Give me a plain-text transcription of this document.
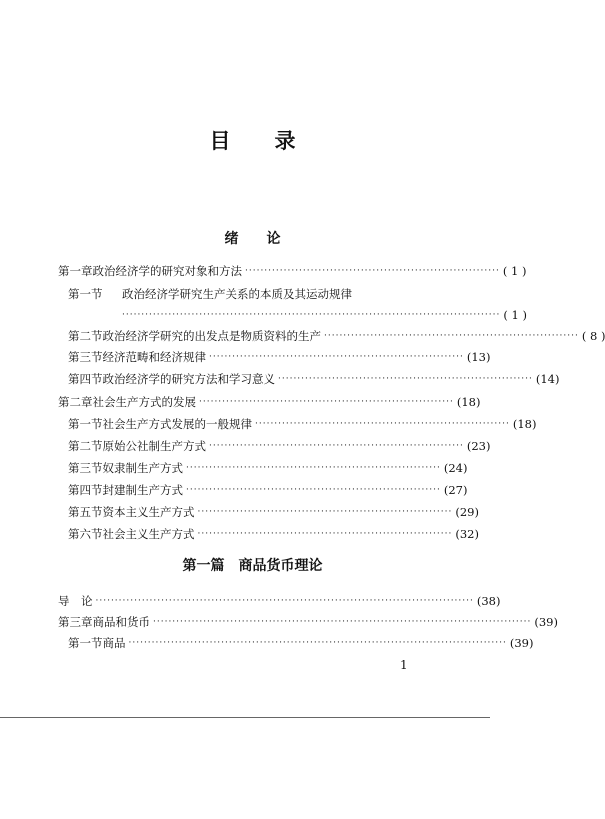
目 录
绪 论
第一章 政治经济学的研究对象和方法 ·································································· ( 1 )
第一节	政治经济学研究生产关系的本质及其运动规律
·································································································· ( 1 )
第二节 政治经济学研究的出发点是物质资料的生产 ·································································· ( 8 )
第三节 经济范畴和经济规律 ·································································· (13)
第四节 政治经济学的研究方法和学习意义 ·································································· (14)
第二章 社会生产方式的发展 ·································································· (18)
第一节 社会生产方式发展的一般规律 ·································································· (18)
第二节 原始公社制生产方式 ·································································· (23)
第三节 奴隶制生产方式 ·································································· (24)
第四节 封建制生产方式 ·································································· (27)
第五节 资本主义生产方式 ·································································· (29)
第六节 社会主义生产方式 ·································································· (32)
第一篇　商品货币理论
导　论 ·································································································· (38)
第三章 商品和货币 ·································································································· (39)
第一节 商品 ·································································································· (39)
1
